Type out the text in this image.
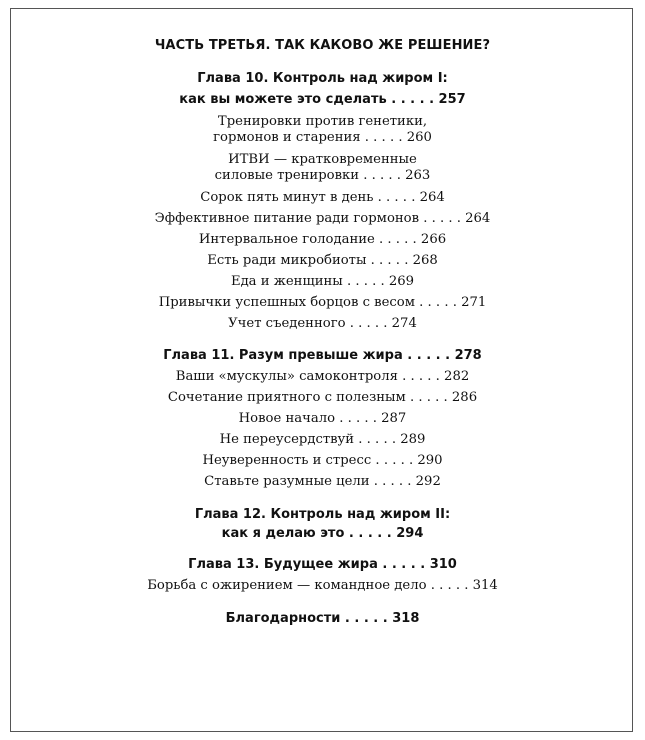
ЧАСТЬ ТРЕТЬЯ. ТАК КАКОВО ЖЕ РЕШЕНИЕ?
Глава 10. Контроль над жиром I:
как вы можете это сделать . . . . . 257
Тренировки против генетики,
гормонов и старения . . . . . 260
ИТВИ — кратковременные
силовые тренировки . . . . . 263
Сорок пять минут в день . . . . . 264
Эффективное питание ради гормонов . . . . . 264
Интервальное голодание . . . . . 266
Есть ради микробиоты . . . . . 268
Еда и женщины . . . . . 269
Привычки успешных борцов с весом . . . . . 271
Учет съеденного . . . . . 274
Глава 11. Разум превыше жира . . . . . 278
Ваши «мускулы» самоконтроля . . . . . 282
Сочетание приятного с полезным . . . . . 286
Новое начало . . . . . 287
Не переусердствуй . . . . . 289
Неуверенность и стресс . . . . . 290
Ставьте разумные цели . . . . . 292
Глава 12. Контроль над жиром II:
как я делаю это . . . . . 294
Глава 13. Будущее жира . . . . . 310
Борьба с ожирением — командное дело . . . . . 314
Благодарности . . . . . 318
